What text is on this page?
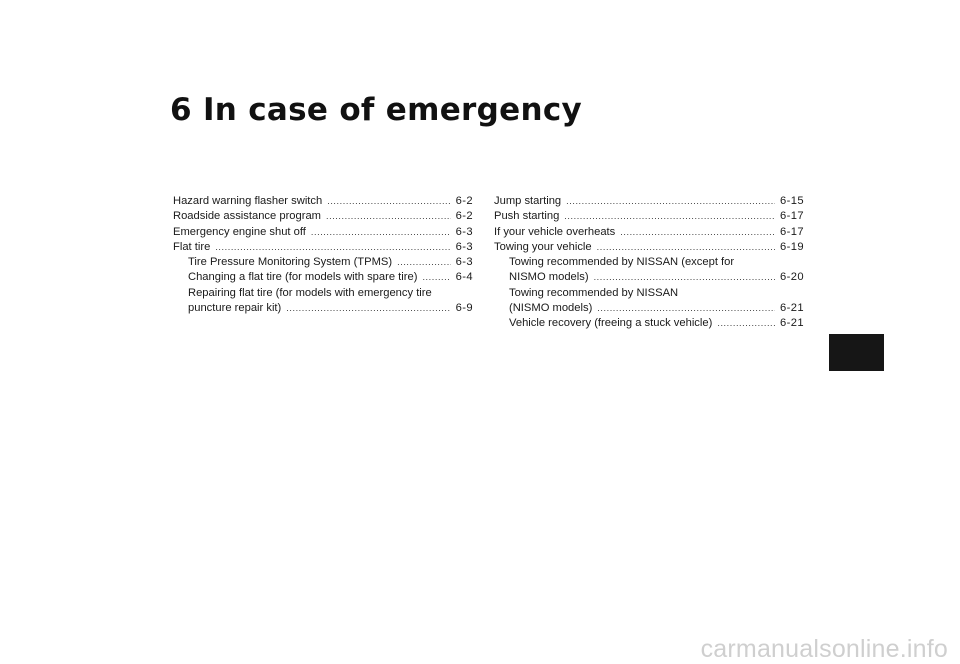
6 In case of emergency
Hazard warning flasher switch .....	6-2
Roadside assistance program .....	6-2
Emergency engine shut off .....	6-3
Flat tire .....	6-3
Tire Pressure Monitoring System (TPMS) .....	6-3
Changing a flat tire (for models with spare tire) .....	6-4
Repairing flat tire (for models with emergency tire
puncture repair kit) .....	6-9
Jump starting .....	6-15
Push starting .....	6-17
If your vehicle overheats .....	6-17
Towing your vehicle .....	6-19
Towing recommended by NISSAN (except for
NISMO models) .....	6-20
Towing recommended by NISSAN
(NISMO models) .....	6-21
Vehicle recovery (freeing a stuck vehicle) .....	6-21
carmanualsonline.info
